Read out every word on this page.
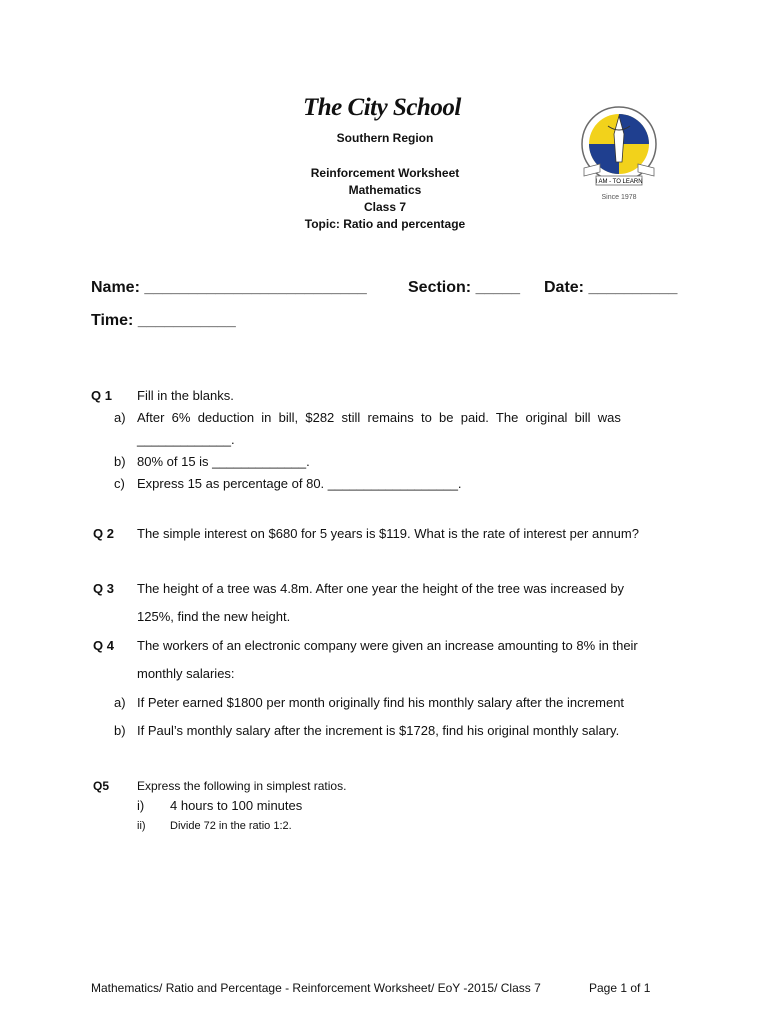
The City School
Southern Region
Reinforcement Worksheet
Mathematics
Class 7
Topic: Ratio and percentage
I AM - TO LEARN
Since 1978
Name: _________________________	Section: _____ Date: __________
Time: ___________
Q 1 Fill in the blanks.
a) After  6%  deduction  in  bill,  $282  still  remains  to  be  paid.  The  original  bill  was
_____________.
b) 80% of 15 is _____________.
c) Express 15 as percentage of 80. __________________.
Q 2 The simple interest on $680 for 5 years is $119. What is the rate of interest per annum?
Q 3 The height of a tree was 4.8m. After one year the height of the tree was increased by
125%, find the new height.
Q 4 The workers of an electronic company were given an increase amounting to 8% in their
monthly salaries:
a) If Peter earned $1800 per month originally find his monthly salary after the increment
b) If Paul’s monthly salary after the increment is $1728, find his original monthly salary.
Q5 Express the following in simplest ratios.
i) 4 hours to 100 minutes
ii) Divide 72 in the ratio 1:2.
Mathematics/ Ratio and Percentage - Reinforcement Worksheet/ EoY -2015/ Class 7	Page 1 of 1
